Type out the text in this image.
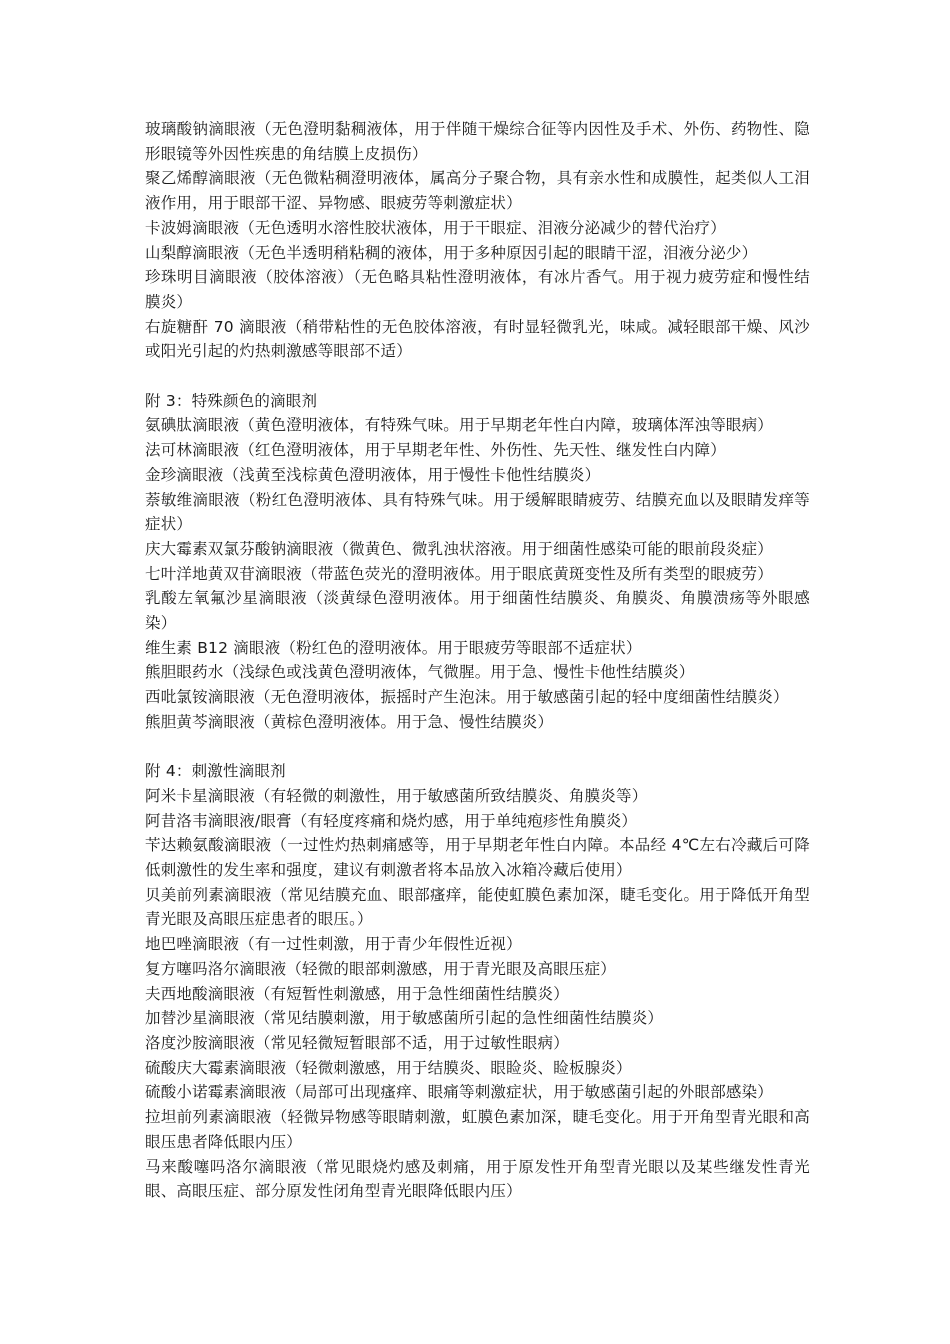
玻璃酸钠滴眼液（无色澄明黏稠液体，用于伴随干燥综合征等内因性及手术、外伤、药物性、隐形眼镜等外因性疾患的角结膜上皮损伤）

聚乙烯醇滴眼液（无色微粘稠澄明液体，属高分子聚合物，具有亲水性和成膜性，起类似人工泪液作用，用于眼部干涩、异物感、眼疲劳等刺激症状）

卡波姆滴眼液（无色透明水溶性胶状液体，用于干眼症、泪液分泌减少的替代治疗）

山梨醇滴眼液（无色半透明稍粘稠的液体，用于多种原因引起的眼睛干涩，泪液分泌少）

珍珠明目滴眼液（胶体溶液）（无色略具粘性澄明液体，有冰片香气。用于视力疲劳症和慢性结膜炎）

右旋糖酐 70 滴眼液（稍带粘性的无色胶体溶液，有时显轻微乳光，味咸。减轻眼部干燥、风沙或阳光引起的灼热刺激感等眼部不适）

附 3：特殊颜色的滴眼剂

氨碘肽滴眼液（黄色澄明液体，有特殊气味。用于早期老年性白内障，玻璃体浑浊等眼病）

法可林滴眼液（红色澄明液体，用于早期老年性、外伤性、先天性、继发性白内障）

金珍滴眼液（浅黄至浅棕黄色澄明液体，用于慢性卡他性结膜炎）

萘敏维滴眼液（粉红色澄明液体、具有特殊气味。用于缓解眼睛疲劳、结膜充血以及眼睛发痒等症状）

庆大霉素双氯芬酸钠滴眼液（微黄色、微乳浊状溶液。用于细菌性感染可能的眼前段炎症）

七叶洋地黄双苷滴眼液（带蓝色荧光的澄明液体。用于眼底黄斑变性及所有类型的眼疲劳）

乳酸左氧氟沙星滴眼液（淡黄绿色澄明液体。用于细菌性结膜炎、角膜炎、角膜溃疡等外眼感染）

维生素 B12 滴眼液（粉红色的澄明液体。用于眼疲劳等眼部不适症状）

熊胆眼药水（浅绿色或浅黄色澄明液体，气微腥。用于急、慢性卡他性结膜炎）

西吡氯铵滴眼液（无色澄明液体，振摇时产生泡沫。用于敏感菌引起的轻中度细菌性结膜炎）

熊胆黄芩滴眼液（黄棕色澄明液体。用于急、慢性结膜炎）

附 4：刺激性滴眼剂

阿米卡星滴眼液（有轻微的刺激性，用于敏感菌所致结膜炎、角膜炎等）

阿昔洛韦滴眼液/眼膏（有轻度疼痛和烧灼感，用于单纯疱疹性角膜炎）

苄达赖氨酸滴眼液（一过性灼热刺痛感等，用于早期老年性白内障。本品经 4℃左右冷藏后可降低刺激性的发生率和强度，建议有刺激者将本品放入冰箱冷藏后使用）

贝美前列素滴眼液（常见结膜充血、眼部瘙痒，能使虹膜色素加深，睫毛变化。用于降低开角型青光眼及高眼压症患者的眼压。）

地巴唑滴眼液（有一过性刺激，用于青少年假性近视）

复方噻吗洛尔滴眼液（轻微的眼部刺激感，用于青光眼及高眼压症）

夫西地酸滴眼液（有短暂性刺激感，用于急性细菌性结膜炎）

加替沙星滴眼液（常见结膜刺激，用于敏感菌所引起的急性细菌性结膜炎）

洛度沙胺滴眼液（常见轻微短暂眼部不适，用于过敏性眼病）

硫酸庆大霉素滴眼液（轻微刺激感，用于结膜炎、眼睑炎、睑板腺炎）

硫酸小诺霉素滴眼液（局部可出现瘙痒、眼痛等刺激症状，用于敏感菌引起的外眼部感染）

拉坦前列素滴眼液（轻微异物感等眼睛刺激，虹膜色素加深，睫毛变化。用于开角型青光眼和高眼压患者降低眼内压）

马来酸噻吗洛尔滴眼液（常见眼烧灼感及刺痛，用于原发性开角型青光眼以及某些继发性青光眼、高眼压症、部分原发性闭角型青光眼降低眼内压）
